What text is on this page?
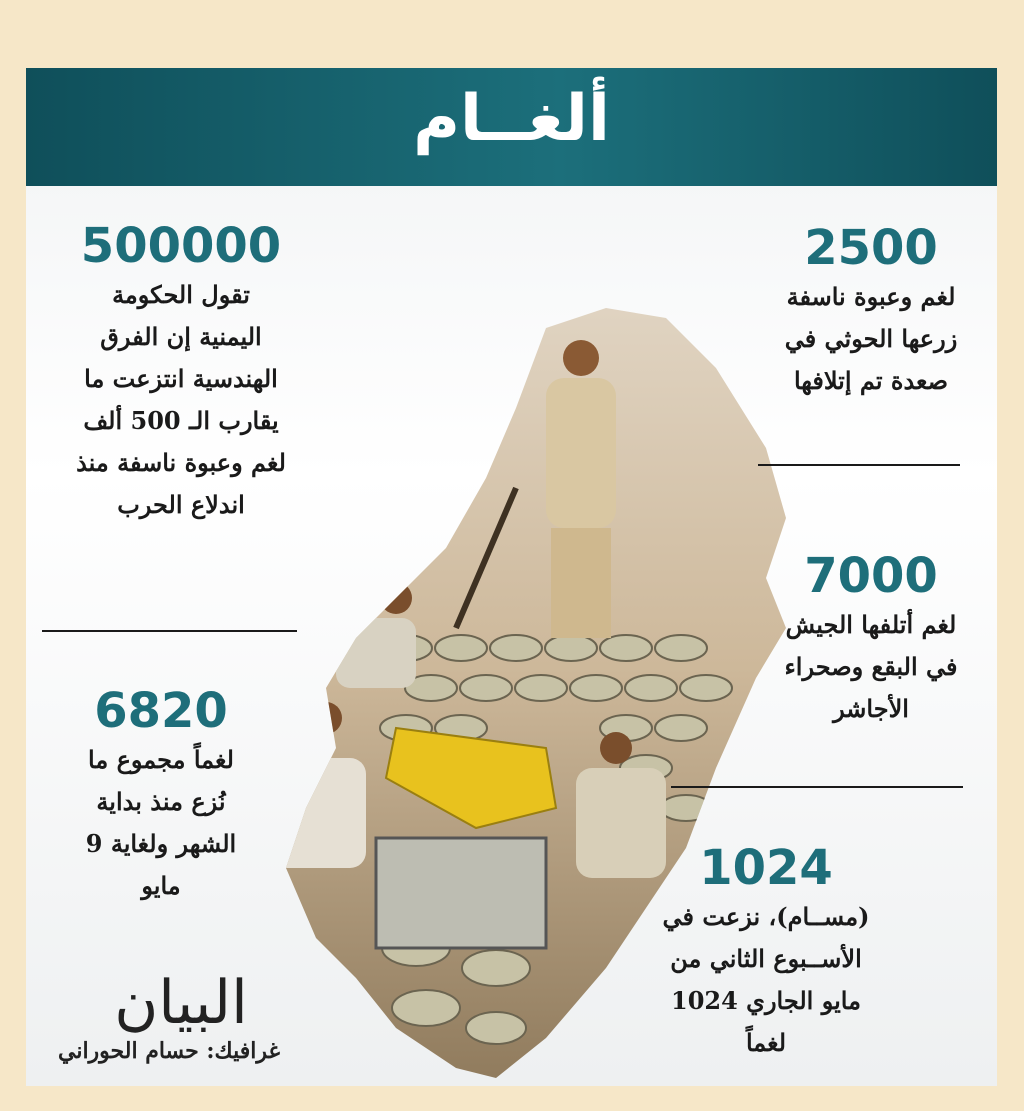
ألغــام
500000
تقول الحكومة
اليمنية إن الفرق
الهندسية انتزعت ما
يقارب الـ 500 ألف
لغم وعبوة ناسفة منذ
اندلاع الحرب
6820
لغماً مجموع ما
نُزع منذ بداية
الشهر ولغاية 9
مايو
2500
لغم وعبوة ناسفة
زرعها الحوثي في
صعدة تم إتلافها
7000
لغم أتلفها الجيش
في البقع وصحراء
الأجاشر
1024
(مســام)، نزعت في
الأســبوع الثاني من
مايو الجاري 1024
لغماً
البيان
غرافيك: حسام الحوراني
